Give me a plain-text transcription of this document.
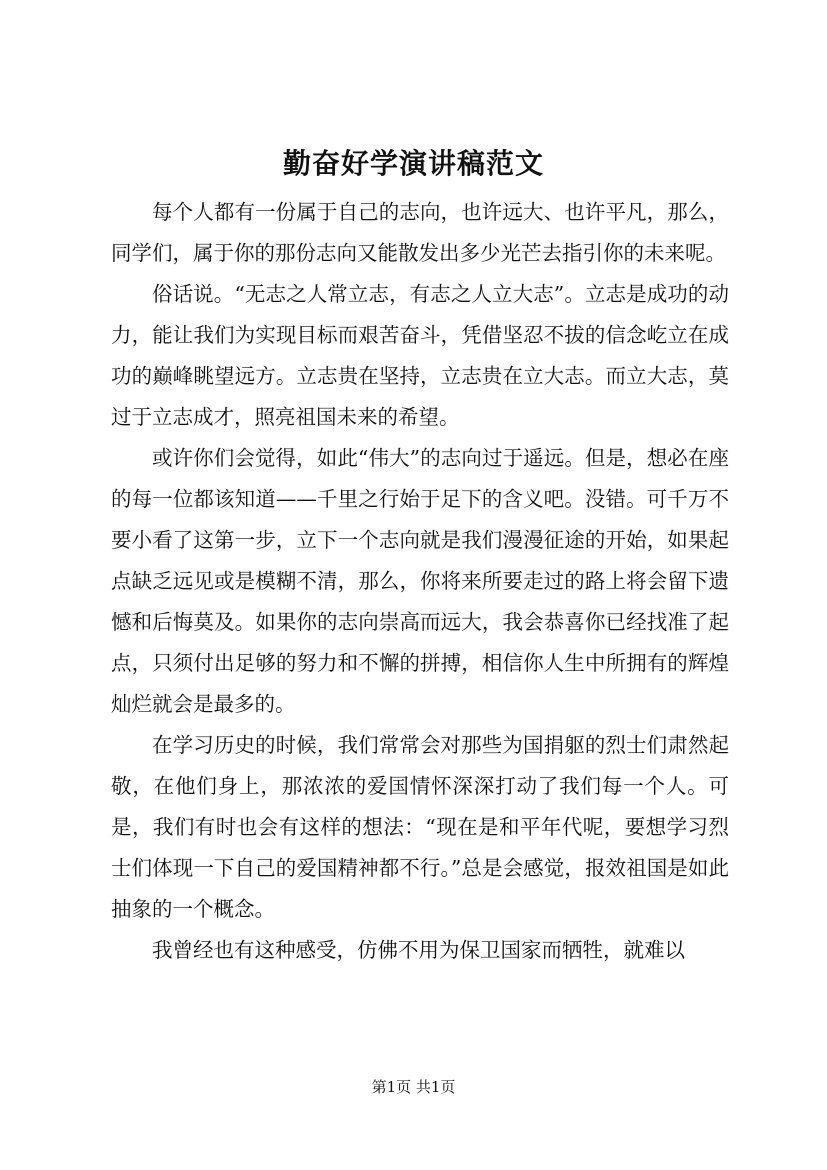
勤奋好学演讲稿范文

每个人都有一份属于自己的志向，也许远大、也许平凡，那么，同学们，属于你的那份志向又能散发出多少光芒去指引你的未来呢。

俗话说。“无志之人常立志，有志之人立大志”。立志是成功的动力，能让我们为实现目标而艰苦奋斗，凭借坚忍不拔的信念屹立在成功的巅峰眺望远方。立志贵在坚持，立志贵在立大志。而立大志，莫过于立志成才，照亮祖国未来的希望。

或许你们会觉得，如此“伟大”的志向过于遥远。但是，想必在座的每一位都该知道——千里之行始于足下的含义吧。没错。可千万不要小看了这第一步，立下一个志向就是我们漫漫征途的开始，如果起点缺乏远见或是模糊不清，那么，你将来所要走过的路上将会留下遗憾和后悔莫及。如果你的志向崇高而远大，我会恭喜你已经找准了起点，只须付出足够的努力和不懈的拼搏，相信你人生中所拥有的辉煌灿烂就会是最多的。

在学习历史的时候，我们常常会对那些为国捐躯的烈士们肃然起敬，在他们身上，那浓浓的爱国情怀深深打动了我们每一个人。可是，我们有时也会有这样的想法：“现在是和平年代呢，要想学习烈士们体现一下自己的爱国精神都不行。”总是会感觉，报效祖国是如此抽象的一个概念。

我曾经也有这种感受，仿佛不用为保卫国家而牺牲，就难以

第1页 共1页
